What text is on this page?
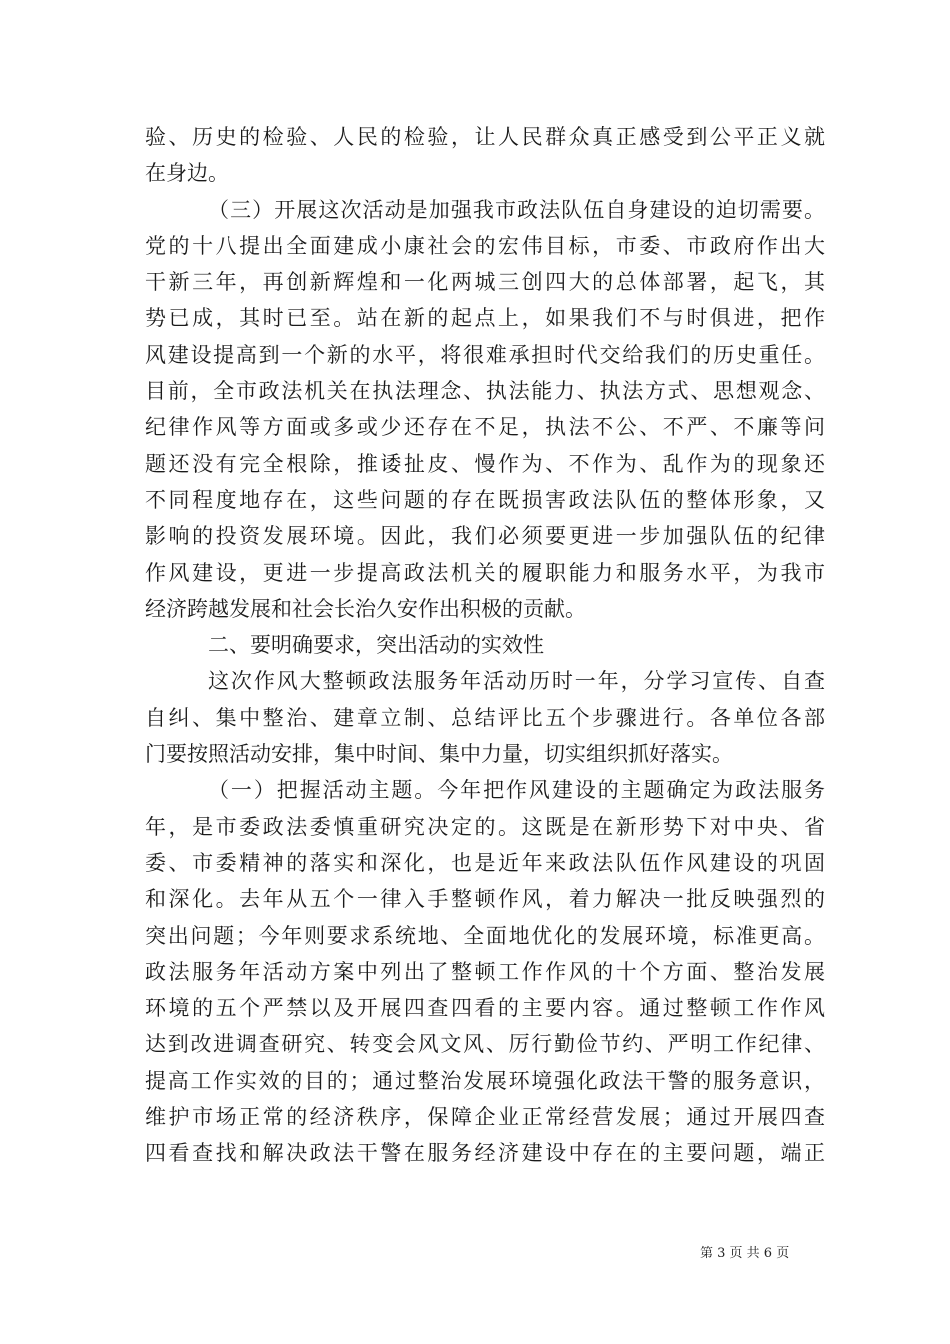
验、历史的检验、人民的检验，让人民群众真正感受到公平正义就
在身边。
（三）开展这次活动是加强我市政法队伍自身建设的迫切需要。
党的十八提出全面建成小康社会的宏伟目标，市委、市政府作出大
干新三年，再创新辉煌和一化两城三创四大的总体部署，起飞，其
势已成，其时已至。站在新的起点上，如果我们不与时俱进，把作
风建设提高到一个新的水平，将很难承担时代交给我们的历史重任。
目前，全市政法机关在执法理念、执法能力、执法方式、思想观念、
纪律作风等方面或多或少还存在不足，执法不公、不严、不廉等问
题还没有完全根除，推诿扯皮、慢作为、不作为、乱作为的现象还
不同程度地存在，这些问题的存在既损害政法队伍的整体形象，又
影响的投资发展环境。因此，我们必须要更进一步加强队伍的纪律
作风建设，更进一步提高政法机关的履职能力和服务水平，为我市
经济跨越发展和社会长治久安作出积极的贡献。
二、要明确要求，突出活动的实效性
这次作风大整顿政法服务年活动历时一年，分学习宣传、自查
自纠、集中整治、建章立制、总结评比五个步骤进行。各单位各部
门要按照活动安排，集中时间、集中力量，切实组织抓好落实。
（一）把握活动主题。今年把作风建设的主题确定为政法服务
年，是市委政法委慎重研究决定的。这既是在新形势下对中央、省
委、市委精神的落实和深化，也是近年来政法队伍作风建设的巩固
和深化。去年从五个一律入手整顿作风，着力解决一批反映强烈的
突出问题；今年则要求系统地、全面地优化的发展环境，标准更高。
政法服务年活动方案中列出了整顿工作作风的十个方面、整治发展
环境的五个严禁以及开展四查四看的主要内容。通过整顿工作作风
达到改进调查研究、转变会风文风、厉行勤俭节约、严明工作纪律、
提高工作实效的目的；通过整治发展环境强化政法干警的服务意识，
维护市场正常的经济秩序，保障企业正常经营发展；通过开展四查
四看查找和解决政法干警在服务经济建设中存在的主要问题，端正
第 3 页 共 6 页
